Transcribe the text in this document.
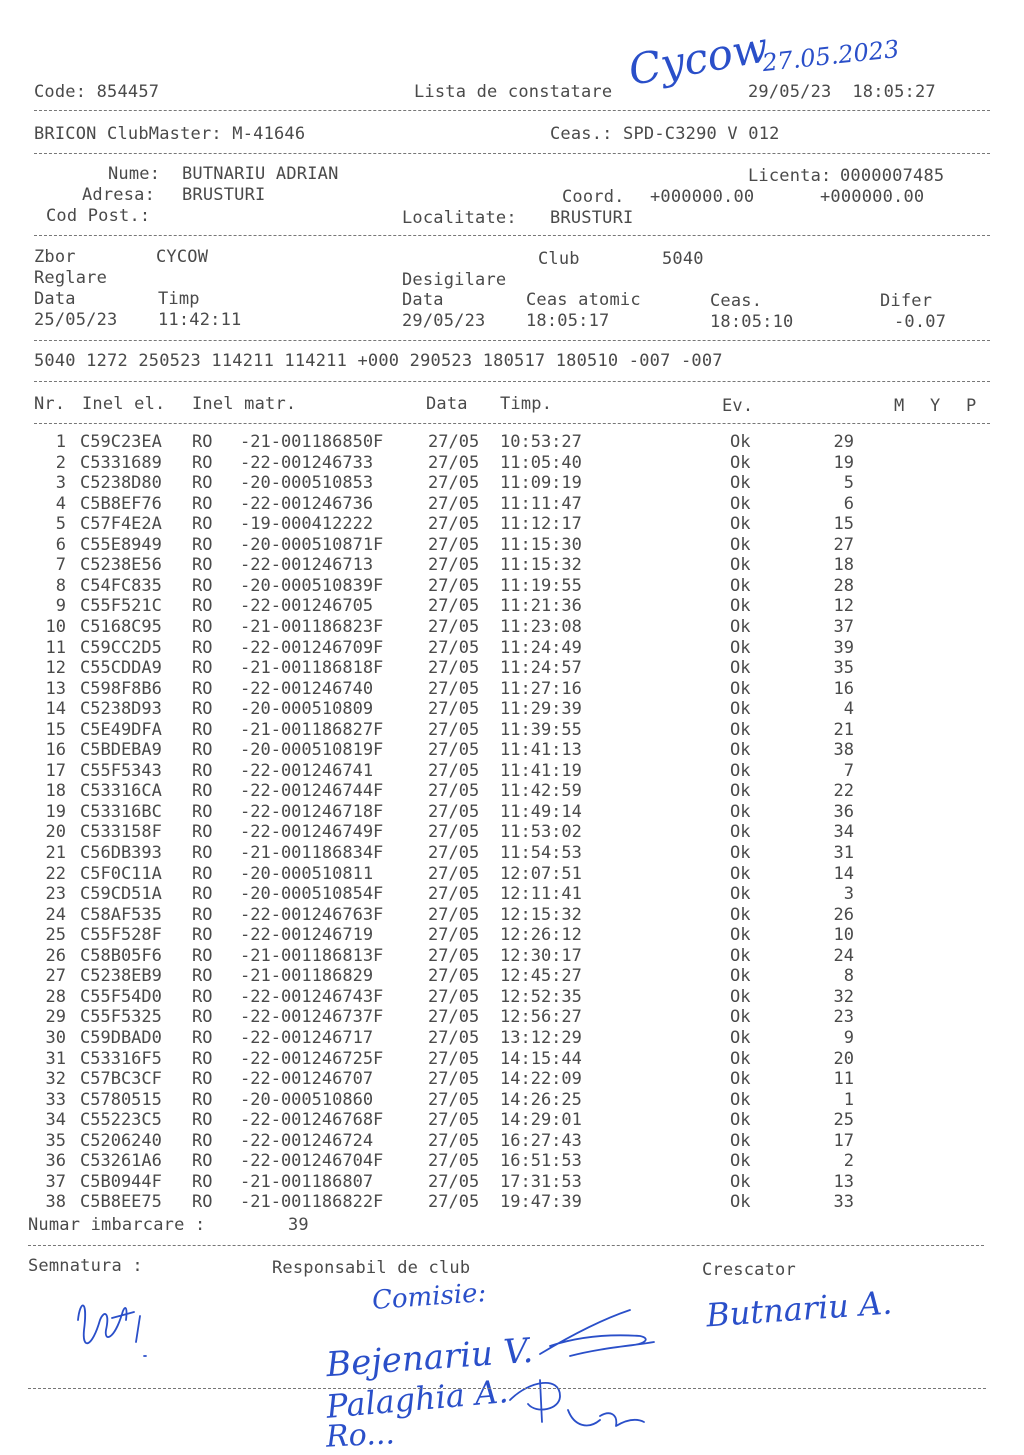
Cycow
27.05.2023
Code: 854457	Lista de constatare	29/05/23  18:05:27
BRICON ClubMaster: M-41646	Ceas.: SPD-C3290 V 012
Nume: BUTNARIU ADRIAN	Licenta: 0000007485
Adresa: BRUSTURI	Coord. +000000.00	+000000.00
Cod Post.:	Localitate: BRUSTURI
Zbor	CYCOW	Club	5040
Reglare	Desigilare
Data	Timp	Data	Ceas atomic	Ceas.	Difer
25/05/23 11:42:11	29/05/23 18:05:17	18:05:10	-0.07
5040 1272 250523 114211 114211 +000 290523 180517 180510 -007 -007
Nr. Inel el. Inel matr.	Data Timp.	Ev.	M Y P
1 C59C23EA RO -21-001186850F	27/05 10:53:27	Ok	29
2 C5331689 RO -22-001246733	27/05 11:05:40	Ok	19
3 C5238D80 RO -20-000510853	27/05 11:09:19	Ok	5
4 C5B8EF76 RO -22-001246736	27/05 11:11:47	Ok	6
5 C57F4E2A RO -19-000412222	27/05 11:12:17	Ok	15
6 C55E8949 RO -20-000510871F	27/05 11:15:30	Ok	27
7 C5238E56 RO -22-001246713	27/05 11:15:32	Ok	18
8 C54FC835 RO -20-000510839F	27/05 11:19:55	Ok	28
9 C55F521C RO -22-001246705	27/05 11:21:36	Ok	12
10 C5168C95 RO -21-001186823F	27/05 11:23:08	Ok	37
11 C59CC2D5 RO -22-001246709F	27/05 11:24:49	Ok	39
12 C55CDDA9 RO -21-001186818F	27/05 11:24:57	Ok	35
13 C598F8B6 RO -22-001246740	27/05 11:27:16	Ok	16
14 C5238D93 RO -20-000510809	27/05 11:29:39	Ok	4
15 C5E49DFA RO -21-001186827F	27/05 11:39:55	Ok	21
16 C5BDEBA9 RO -20-000510819F	27/05 11:41:13	Ok	38
17 C55F5343 RO -22-001246741	27/05 11:41:19	Ok	7
18 C53316CA RO -22-001246744F	27/05 11:42:59	Ok	22
19 C53316BC RO -22-001246718F	27/05 11:49:14	Ok	36
20 C533158F RO -22-001246749F	27/05 11:53:02	Ok	34
21 C56DB393 RO -21-001186834F	27/05 11:54:53	Ok	31
22 C5F0C11A RO -20-000510811	27/05 12:07:51	Ok	14
23 C59CD51A RO -20-000510854F	27/05 12:11:41	Ok	3
24 C58AF535 RO -22-001246763F	27/05 12:15:32	Ok	26
25 C55F528F RO -22-001246719	27/05 12:26:12	Ok	10
26 C58B05F6 RO -21-001186813F	27/05 12:30:17	Ok	24
27 C5238EB9 RO -21-001186829	27/05 12:45:27	Ok	8
28 C55F54D0 RO -22-001246743F	27/05 12:52:35	Ok	32
29 C55F5325 RO -22-001246737F	27/05 12:56:27	Ok	23
30 C59DBAD0 RO -22-001246717	27/05 13:12:29	Ok	9
31 C53316F5 RO -22-001246725F	27/05 14:15:44	Ok	20
32 C57BC3CF RO -22-001246707	27/05 14:22:09	Ok	11
33 C5780515 RO -20-000510860	27/05 14:26:25	Ok	1
34 C55223C5 RO -22-001246768F	27/05 14:29:01	Ok	25
35 C5206240 RO -22-001246724	27/05 16:27:43	Ok	17
36 C53261A6 RO -22-001246704F	27/05 16:51:53	Ok	2
37 C5B0944F RO -21-001186807	27/05 17:31:53	Ok	13
38 C5B8EE75 RO -21-001186822F	27/05 19:47:39	Ok	33
Numar imbarcare :	39
Semnatura :	Responsabil de club	Crescator
Comisie:
Bejenariu V.
Palaghia A.
Ro...
Butnariu A.
